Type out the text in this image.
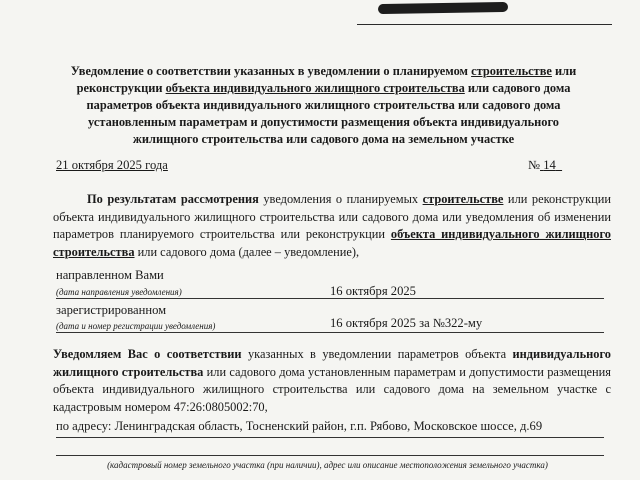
Уведомление о соответствии указанных в уведомлении о планируемом строительстве или
реконструкции объекта индивидуального жилищного строительства или садового дома
параметров объекта индивидуального жилищного строительства или садового дома
установленным параметрам и допустимости размещения объекта индивидуального
жилищного строительства или садового дома на земельном участке
21 октября 2025 года	№ 14
По результатам рассмотрения уведомления о планируемых строительстве или реконструкции объекта индивидуального жилищного строительства или садового дома или уведомления об изменении параметров планируемого строительства или реконструкции объекта индивидуального жилищного строительства или садового дома (далее – уведомление),
направленном Вами
(дата направления уведомления)	16 октября 2025
зарегистрированном
(дата и номер регистрации уведомления)	16 октября 2025 за №322-му
Уведомляем Вас о соответствии указанных в уведомлении параметров объекта индивидуального жилищного строительства или садового дома установленным параметрам и допустимости размещения объекта индивидуального жилищного строительства или садового дома на земельном участке с кадастровым номером 47:26:0805002:70,
по адресу: Ленинградская область, Тосненский район, г.п. Рябово, Московское шоссе, д.69
(кадастровый номер земельного участка (при наличии), адрес или описание местоположения земельного участка)
